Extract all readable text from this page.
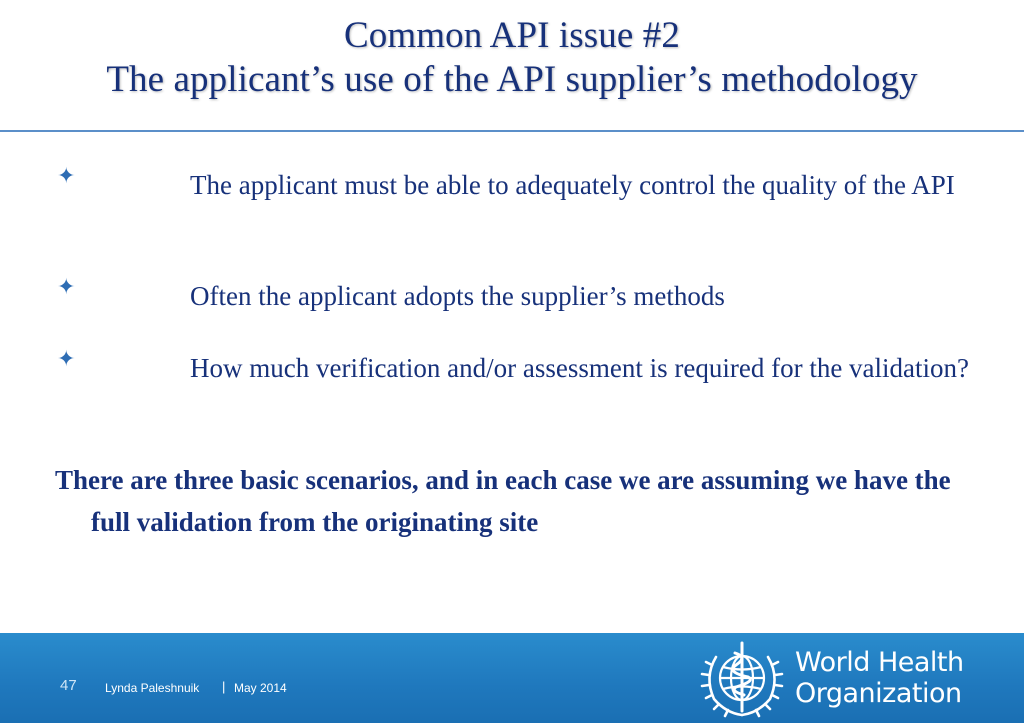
Common API issue #2
The applicant’s use of the API supplier’s methodology
✦	The applicant must be able to adequately control the quality of the API
✦	Often the applicant adopts the supplier’s methods
✦	How much verification and/or assessment is required for the validation?
There are three basic scenarios, and in each case we are assuming we have the full validation from the originating site
47 Lynda Paleshnuik | May 2014
World Health
Organization
